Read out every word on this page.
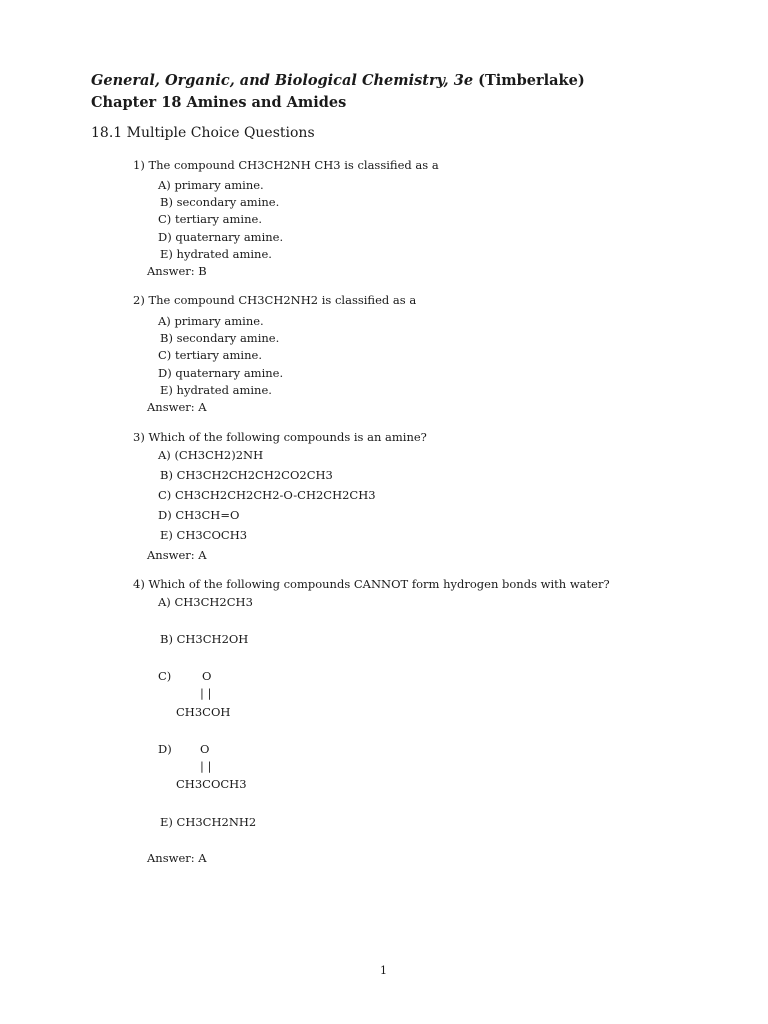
General, Organic, and Biological Chemistry, 3e (Timberlake)
Chapter 18 Amines and Amides
18.1 Multiple Choice Questions
1) The compound CH3CH2NH CH3 is classified as a
A) primary amine.
B) secondary amine.
C) tertiary amine.
D) quaternary amine.
E) hydrated amine.
Answer: B
2) The compound CH3CH2NH2 is classified as a
A) primary amine.
B) secondary amine.
C) tertiary amine.
D) quaternary amine.
E) hydrated amine.
Answer: A
3) Which of the following compounds is an amine?
A) (CH3CH2)2NH
B) CH3CH2CH2CH2CO2CH3
C) CH3CH2CH2CH2-O-CH2CH2CH3
D) CH3CH=O
E) CH3COCH3
Answer: A
4) Which of the following compounds CANNOT form hydrogen bonds with water?
A) CH3CH2CH3
B) CH3CH2OH
C)	O
| |
CH3COH
D) O
| |
CH3COCH3
E) CH3CH2NH2
Answer: A
1
